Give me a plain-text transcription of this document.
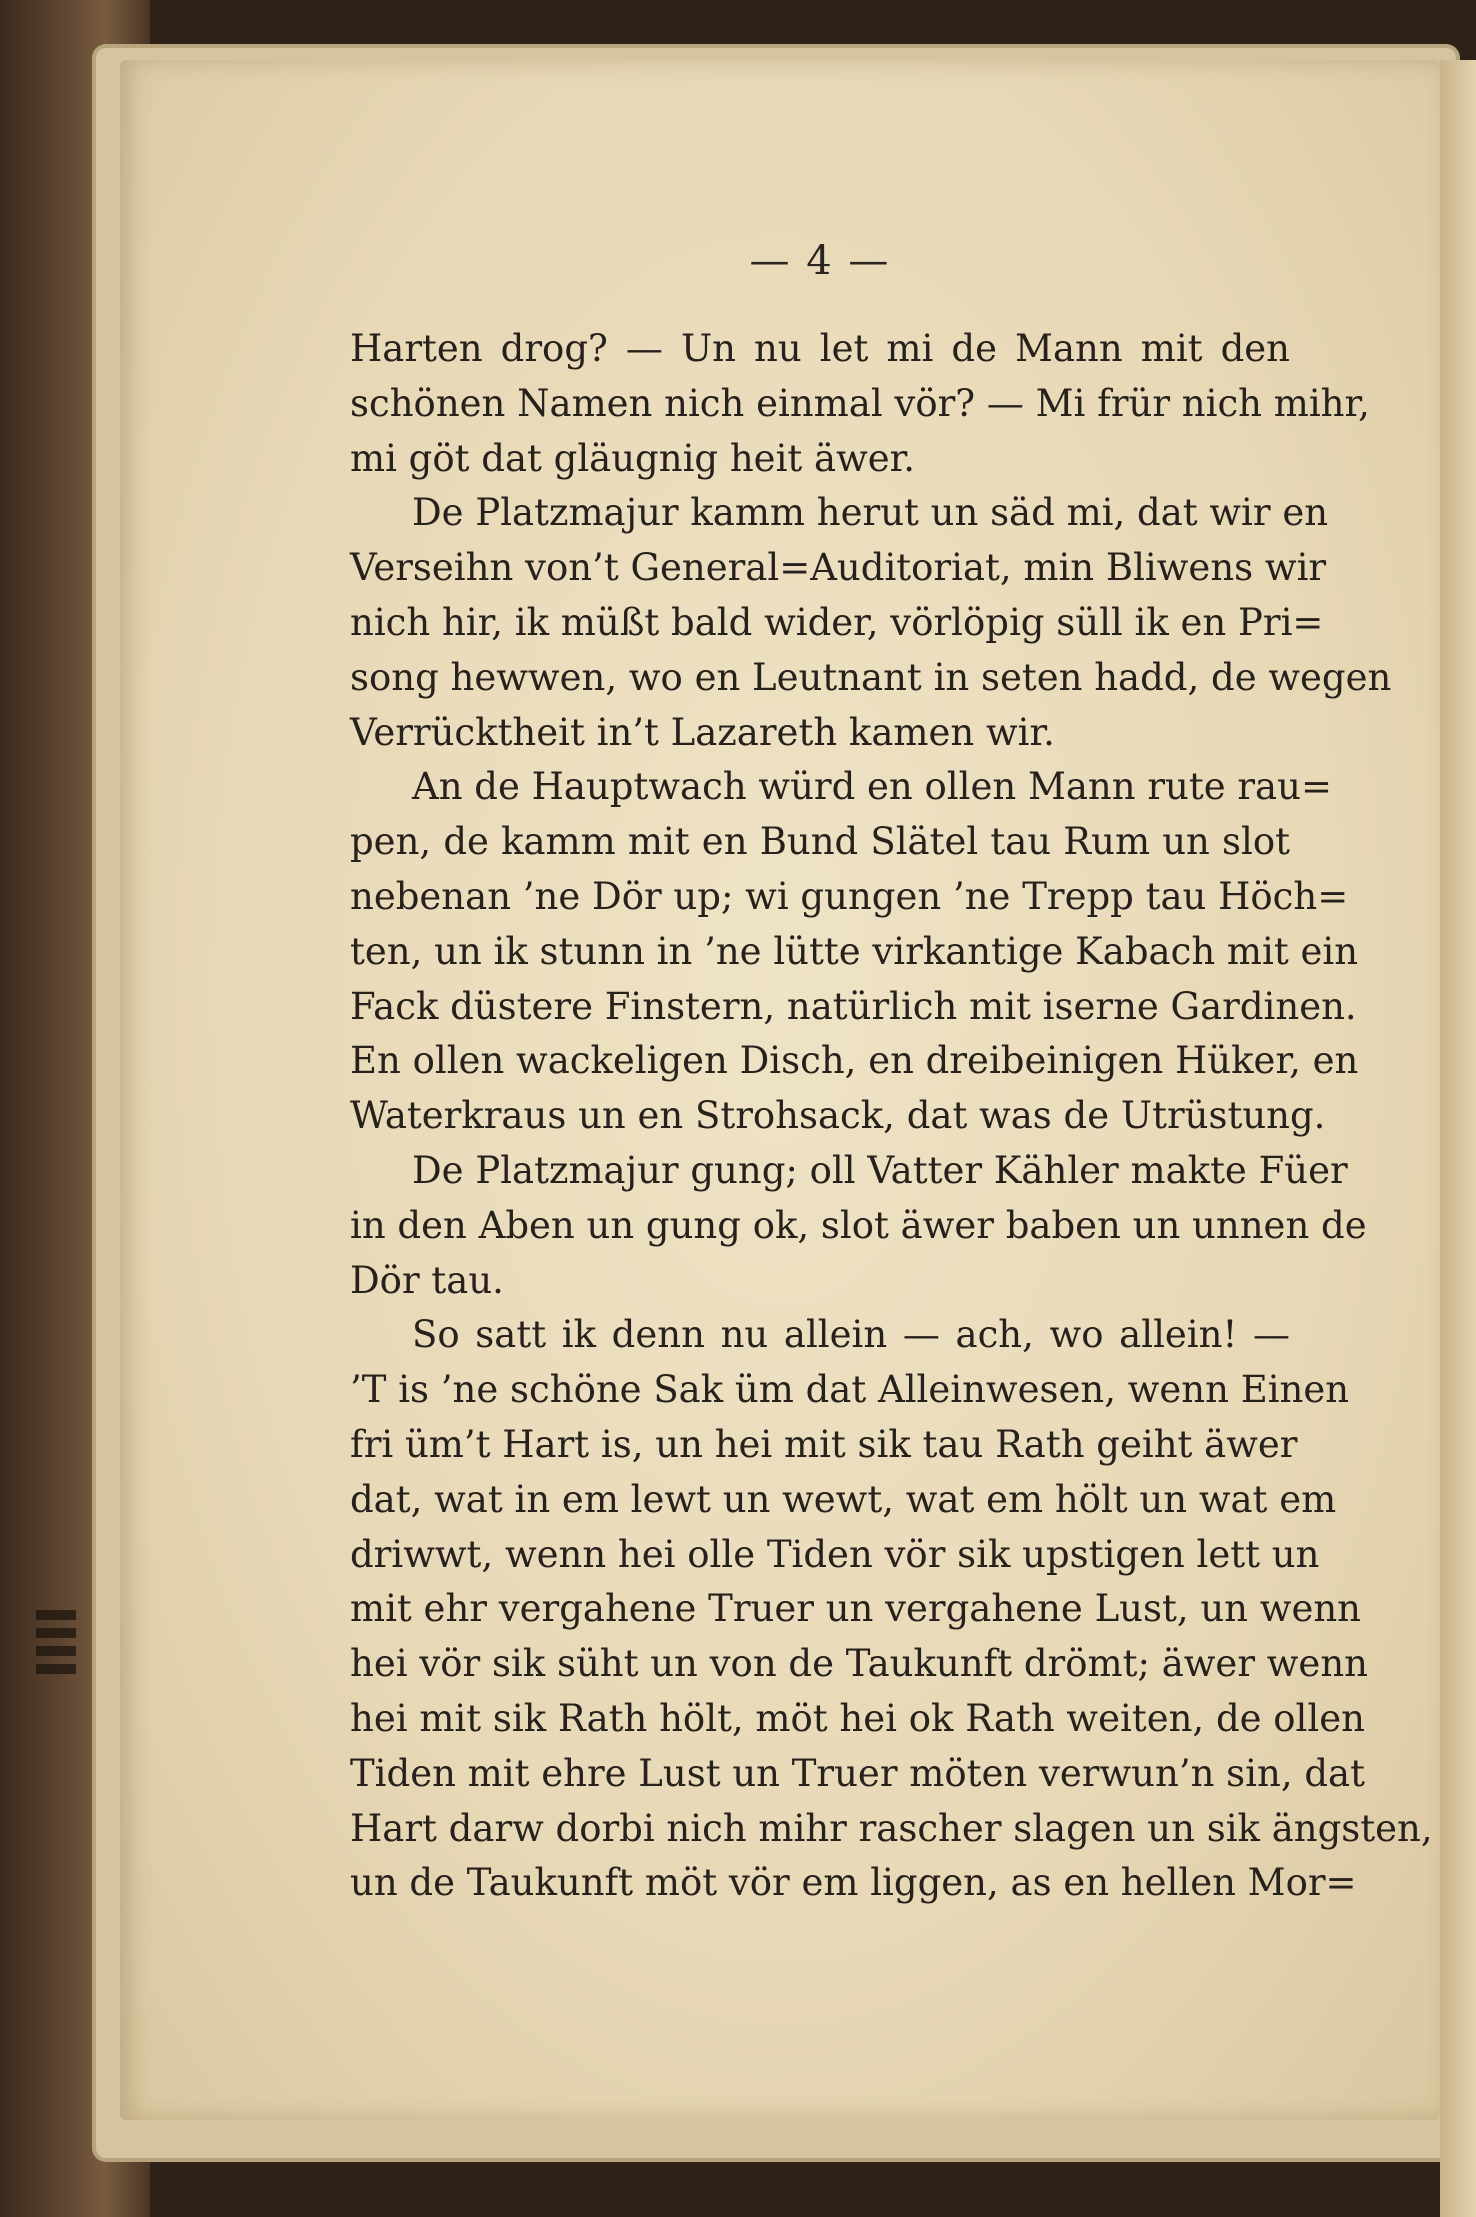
— 4 —
Harten drog? — Un nu let mi de Mann mit den
schönen Namen nich einmal vör? — Mi frür nich mihr,
mi göt dat gläugnig heit äwer.
De Platzmajur kamm herut un säd mi, dat wir en
Verseihn von’t General=Auditoriat, min Bliwens wir
nich hir, ik müßt bald wider, vörlöpig süll ik en Pri=
song hewwen, wo en Leutnant in seten hadd, de wegen
Verrücktheit in’t Lazareth kamen wir.
An de Hauptwach würd en ollen Mann rute rau=
pen, de kamm mit en Bund Slätel tau Rum un slot
nebenan ’ne Dör up; wi gungen ’ne Trepp tau Höch=
ten, un ik stunn in ’ne lütte virkantige Kabach mit ein
Fack düstere Finstern, natürlich mit iserne Gardinen.
En ollen wackeligen Disch, en dreibeinigen Hüker, en
Waterkraus un en Strohsack, dat was de Utrüstung.
De Platzmajur gung; oll Vatter Kähler makte Füer
in den Aben un gung ok, slot äwer baben un unnen de
Dör tau.
So satt ik denn nu allein — ach, wo allein! —
’T is ’ne schöne Sak üm dat Alleinwesen, wenn Einen
fri üm’t Hart is, un hei mit sik tau Rath geiht äwer
dat, wat in em lewt un wewt, wat em hölt un wat em
driwwt, wenn hei olle Tiden vör sik upstigen lett un
mit ehr vergahene Truer un vergahene Lust, un wenn
hei vör sik süht un von de Taukunft drömt; äwer wenn
hei mit sik Rath hölt, möt hei ok Rath weiten, de ollen
Tiden mit ehre Lust un Truer möten verwun’n sin, dat
Hart darw dorbi nich mihr rascher slagen un sik ängsten,
un de Taukunft möt vör em liggen, as en hellen Mor=
